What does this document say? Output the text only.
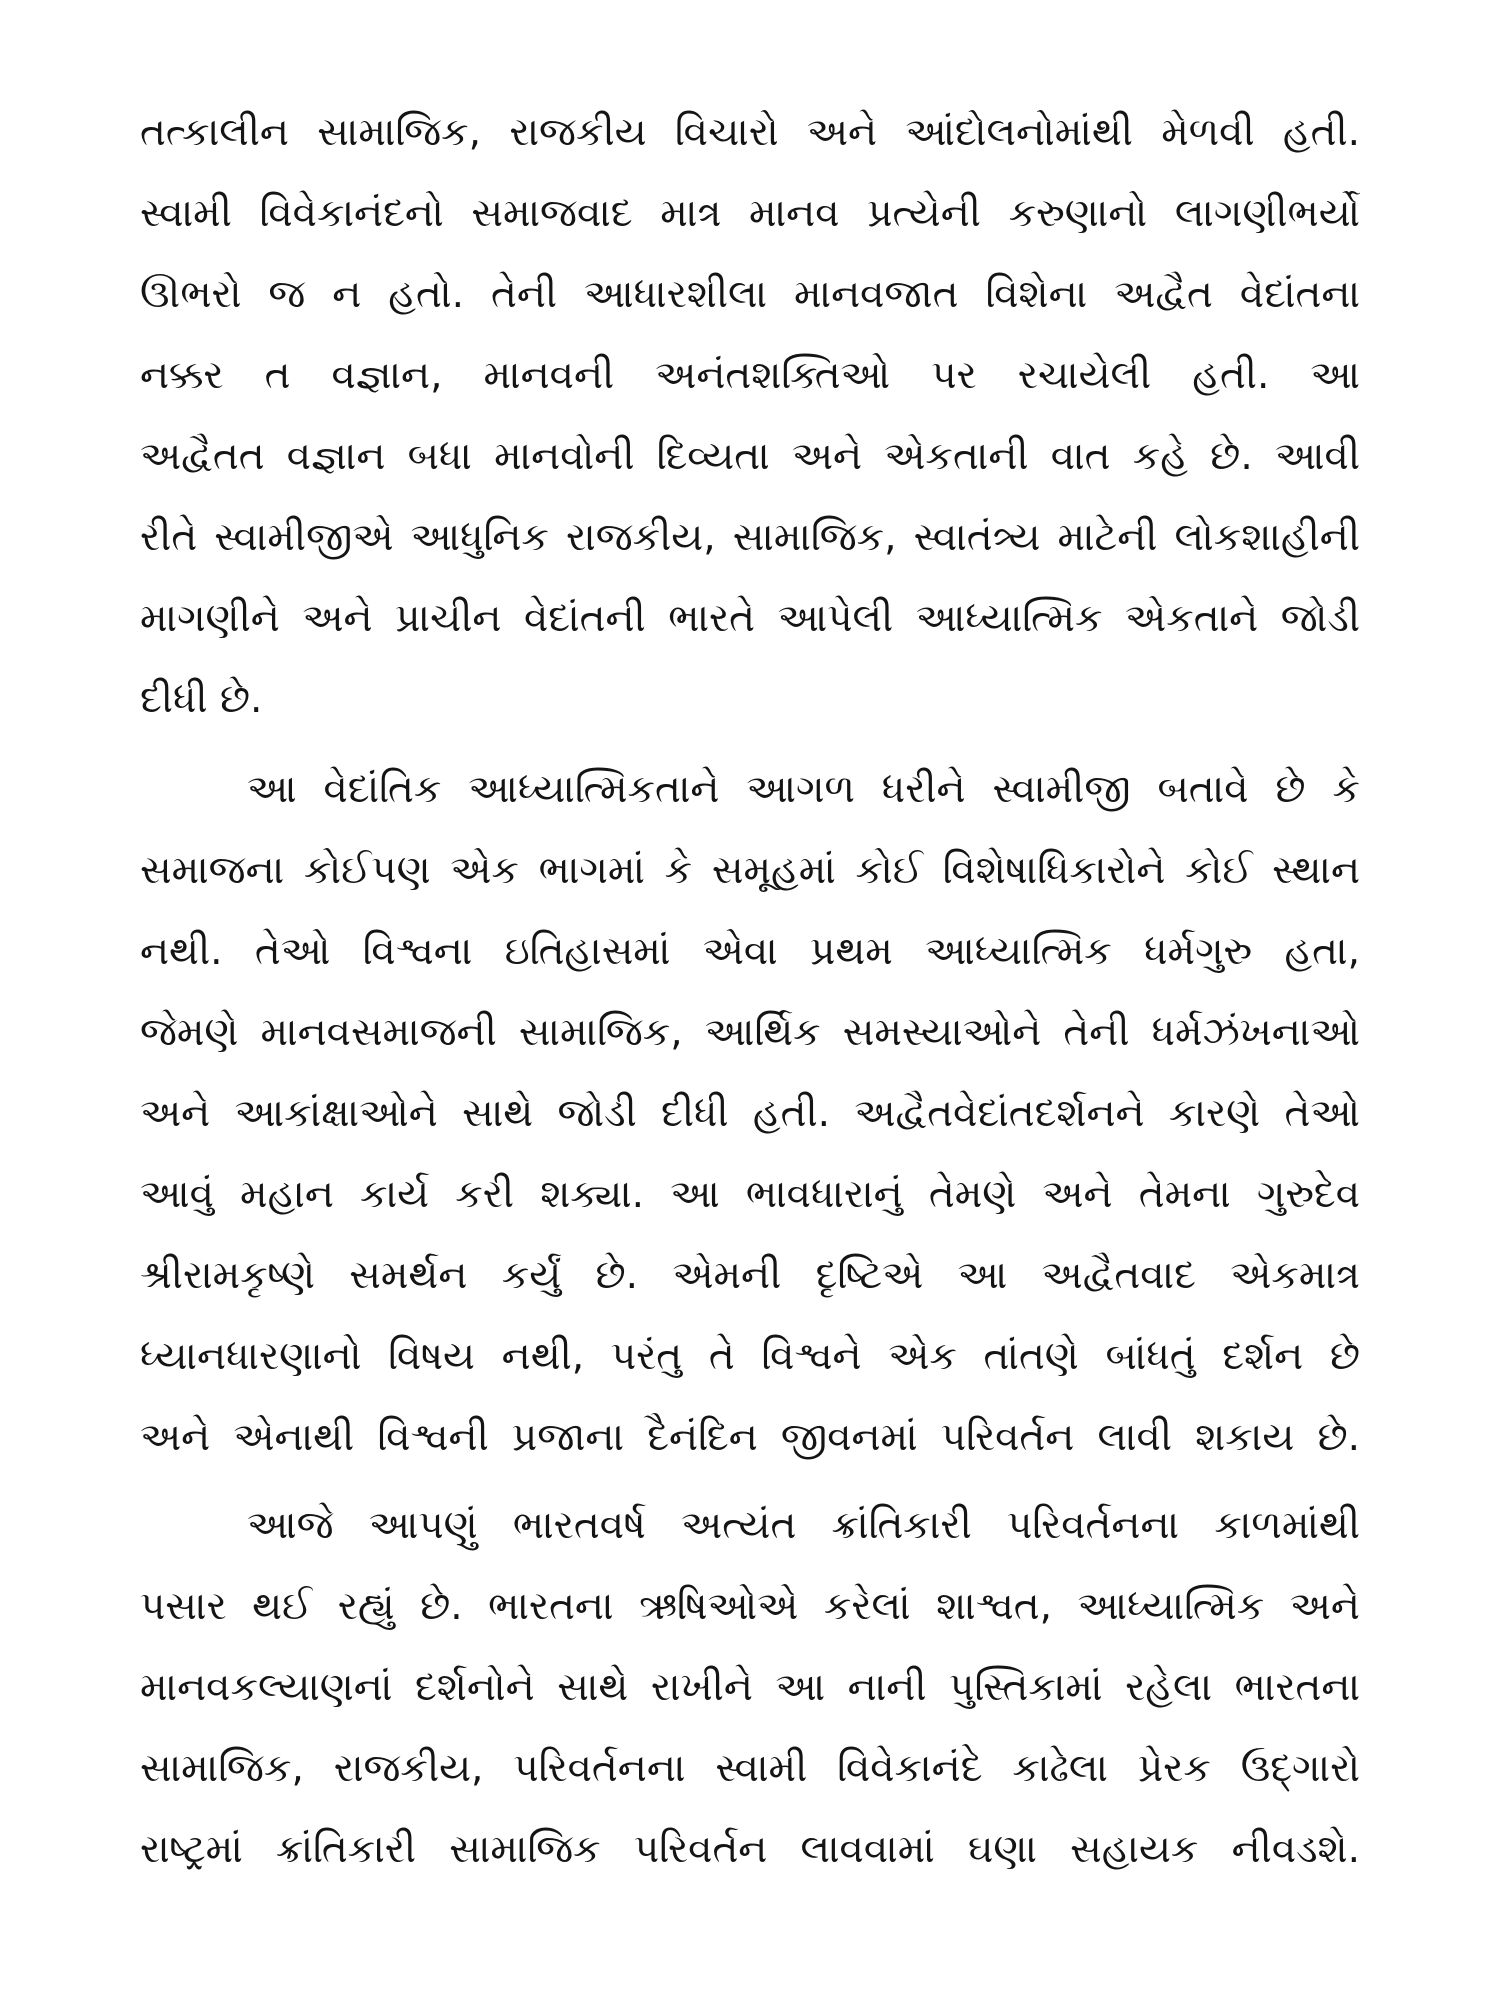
તત્કાલીન સામાજિક, રાજકીય વિચારો અને આંદોલનોમાંથી મેળવી હતી.
સ્વામી વિવેકાનંદનો સમાજવાદ માત્ર માનવ પ્રત્યેની કરુણાનો લાગણીભર્યો
ઊભરો જ ન હતો. તેની આધારશીલા માનવજાત વિશેના અદ્વૈત વેદાંતના
નક્કર ત વજ્ઞાન, માનવની અનંતશક્તિઓ પર રચાયેલી હતી. આ
અદ્વૈતત વજ્ઞાન બધા માનવોની દિવ્યતા અને એકતાની વાત કહે છે. આવી
રીતે સ્વામીજીએ આધુનિક રાજકીય, સામાજિક, સ્વાતંત્ર્ય માટેની લોકશાહીની
માગણીને અને પ્રાચીન વેદાંતની ભારતે આપેલી આધ્યાત્મિક એકતાને જોડી
દીધી છે.
આ વેદાંતિક આધ્યાત્મિકતાને આગળ ધરીને સ્વામીજી બતાવે છે કે
સમાજના કોઈપણ એક ભાગમાં કે સમૂહમાં કોઈ વિશેષાધિકારોને કોઈ સ્થાન
નથી. તેઓ વિશ્વના ઇતિહાસમાં એવા પ્રથમ આધ્યાત્મિક ધર્મગુરુ હતા,
જેમણે માનવસમાજની સામાજિક, આર્થિક સમસ્યાઓને તેની ધર્મઝંખનાઓ
અને આકાંક્ષાઓને સાથે જોડી દીધી હતી. અદ્વૈતવેદાંતદર્શનને કારણે તેઓ
આવું મહાન કાર્ય કરી શક્યા. આ ભાવધારાનું તેમણે અને તેમના ગુરુદેવ
શ્રીરામકૃષ્ણે સમર્થન કર્યું છે. એમની દૃષ્ટિએ આ અદ્વૈતવાદ એકમાત્ર
ધ્યાનધારણાનો વિષય નથી, પરંતુ તે વિશ્વને એક તાંતણે બાંધતું દર્શન છે
અને એનાથી વિશ્વની પ્રજાના દૈનંદિન જીવનમાં પરિવર્તન લાવી શકાય છે.
આજે આપણું ભારતવર્ષ અત્યંત ક્રાંતિકારી પરિવર્તનના કાળમાંથી
પસાર થઈ રહ્યું છે. ભારતના ઋષિઓએ કરેલાં શાશ્વત, આધ્યાત્મિક અને
માનવકલ્યાણનાં દર્શનોને સાથે રાખીને આ નાની પુસ્તિકામાં રહેલા ભારતના
સામાજિક, રાજકીય, પરિવર્તનના સ્વામી વિવેકાનંદે કાઢેલા પ્રેરક ઉદ્ગારો
રાષ્ટ્રમાં ક્રાંતિકારી સામાજિક પરિવર્તન લાવવામાં ઘણા સહાયક નીવડશે.
